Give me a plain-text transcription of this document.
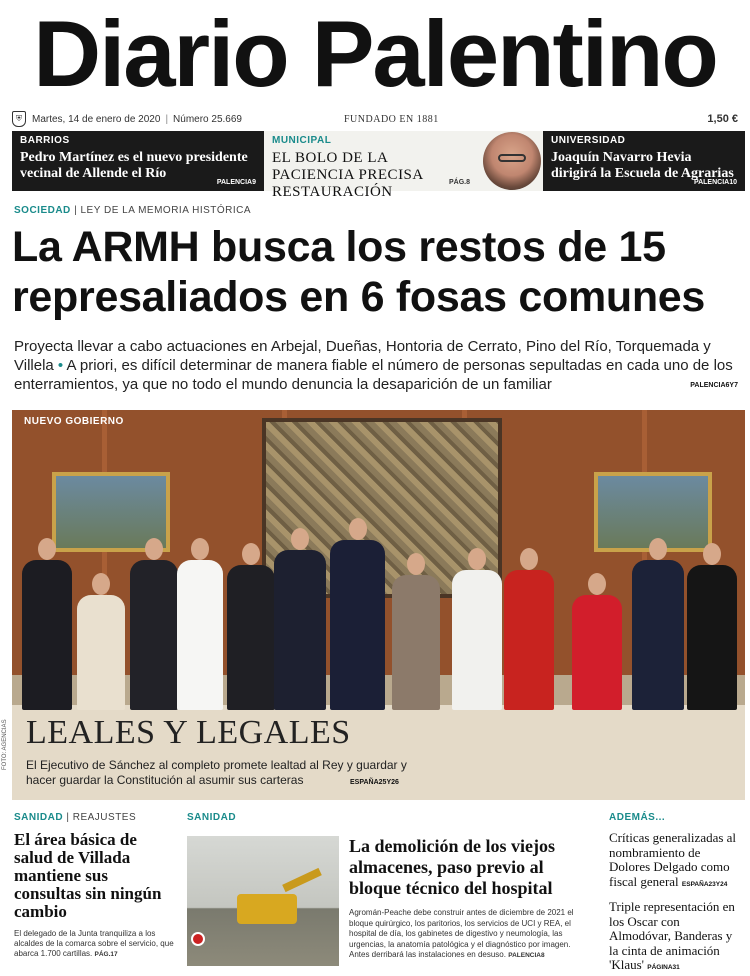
Diario Palentino
⛨	Martes, 14 de enero de 2020 | Número 25.669	FUNDADO EN 1881	1,50 €
BARRIOS
Pedro Martínez es el nuevo presidente vecinal de Allende el Río
PALENCIA9
MUNICIPAL
EL BOLO DE LA PACIENCIA PRECISA RESTAURACIÓN
PÁG.8
UNIVERSIDAD
Joaquín Navarro Hevia dirigirá la Escuela de Agrarias
PALENCIA10
SOCIEDAD | LEY DE LA MEMORIA HISTÓRICA
La ARMH busca los restos de 15 represaliados en 6 fosas comunes

Proyecta llevar a cabo actuaciones en Arbejal, Dueñas, Hontoria de Cerrato, Pino del Río, Torquemada y Villela • A priori, es difícil determinar de manera fiable el número de personas sepultadas en cada uno de los enterramientos, ya que no todo el mundo denuncia la desaparición de un familiar	PALENCIA6Y7
NUEVO GOBIERNO
LEALES Y LEGALES
El Ejecutivo de Sánchez al completo promete lealtad al Rey y guardar y hacer guardar la Constitución al asumir sus carteras	ESPAÑA25Y26
FOTO: AGENCIAS
SANIDAD | REAJUSTES
El área básica de salud de Villada mantiene sus consultas sin ningún cambio
El delegado de la Junta tranquiliza a los alcaldes de la comarca sobre el servicio, que abarca 1.700 cartillas. PÁG.17
SANIDAD
La demolición de los viejos almacenes, paso previo al bloque técnico del hospital
Agromán-Peache debe construir antes de diciembre de 2021 el bloque quirúrgico, los paritorios, los servicios de UCI y REA, el hospital de día, los gabinetes de digestivo y neumología, las urgencias, la anatomía patológica y el diagnóstico por imagen. Antes derribará las instalaciones en desuso. PALENCIA8
ADEMÁS...
Críticas generalizadas al nombramiento de Dolores Delgado como fiscal general ESPAÑA23Y24
Triple representación en los Oscar con Almodóvar, Banderas y la cinta de animación 'Klaus' PÁGINA31
